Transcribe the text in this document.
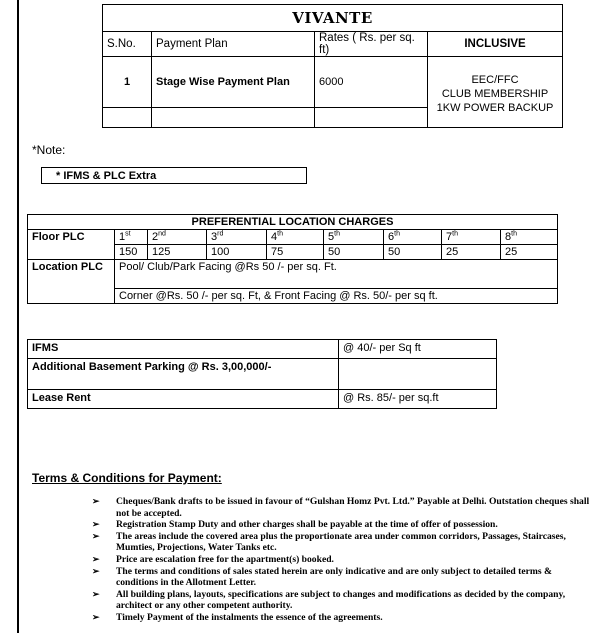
VIVANTE			
S.No.	Payment Plan	Rates ( Rs. per sq. ft)	INCLUSIVE
1	Stage Wise Payment Plan	6000	EEC/FFC
CLUB MEMBERSHIP
1KW POWER BACKUP

*Note:
* IFMS & PLC Extra
PREFERENTIAL LOCATION CHARGES								
Floor PLC	1st	2nd	3rd	4th	5th	6th	7th	8th
	150	125	100	75	50	50	25	25
Location PLC	Pool/ Club/Park Facing @Rs 50 /- per sq. Ft.							
	Corner @Rs. 50 /- per sq. Ft, & Front Facing @ Rs. 50/- per sq ft.							
IFMS	@ 40/- per Sq ft
Additional Basement Parking @ Rs. 3,00,000/-	
Lease Rent	@ Rs. 85/- per sq.ft
Terms & Conditions for Payment:
➢ Cheques/Bank drafts to be issued in favour of “Gulshan Homz Pvt. Ltd.” Payable at Delhi. Outstation cheques shall not be accepted.
➢ Registration Stamp Duty and other charges shall be payable at the time of offer of possession.
➢ The areas include the covered area plus the proportionate area under common corridors, Passages, Staircases, Mumties, Projections, Water Tanks etc.
➢ Price are escalation free for the apartment(s) booked.
➢ The terms and conditions of sales stated herein are only indicative and are only subject to detailed terms & conditions in the Allotment Letter.
➢ All building plans, layouts, specifications are subject to changes and modifications as decided by the company, architect or any other competent authority.
➢ Timely Payment of the instalments the essence of the agreements.
